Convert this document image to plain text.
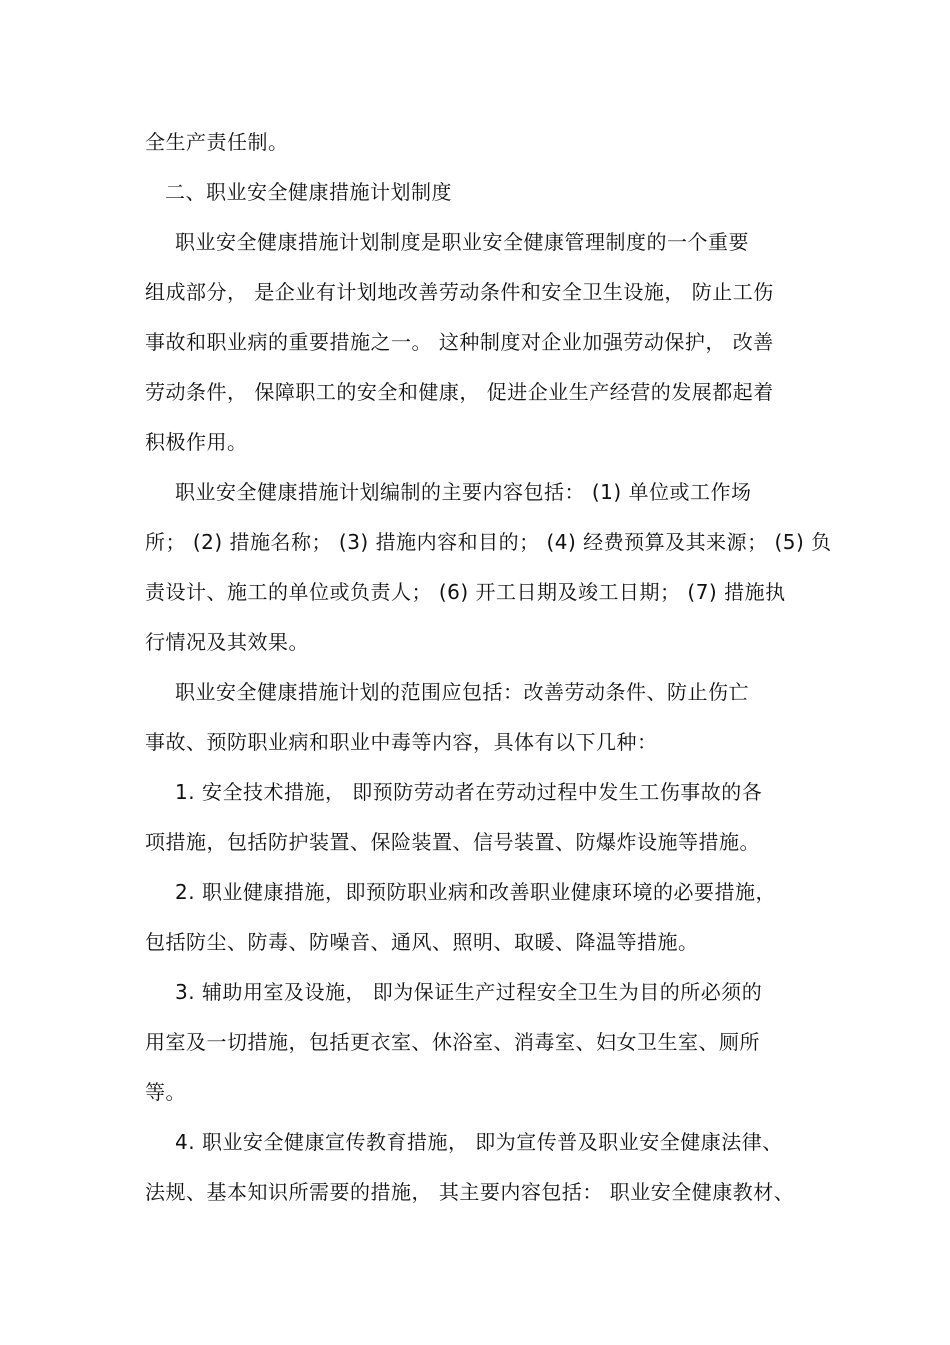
全生产责任制。
二、职业安全健康措施计划制度
职业安全健康措施计划制度是职业安全健康管理制度的一个重要
组成部分， 是企业有计划地改善劳动条件和安全卫生设施， 防止工伤
事故和职业病的重要措施之一。 这种制度对企业加强劳动保护， 改善
劳动条件， 保障职工的安全和健康， 促进企业生产经营的发展都起着
积极作用。
职业安全健康措施计划编制的主要内容包括： (1) 单位或工作场
所； (2) 措施名称； (3) 措施内容和目的； (4) 经费预算及其来源； (5) 负
责设计、施工的单位或负责人； (6) 开工日期及竣工日期； (7) 措施执
行情况及其效果。
职业安全健康措施计划的范围应包括：改善劳动条件、防止伤亡
事故、预防职业病和职业中毒等内容，具体有以下几种：
1. 安全技术措施， 即预防劳动者在劳动过程中发生工伤事故的各
项措施，包括防护装置、保险装置、信号装置、防爆炸设施等措施。
2. 职业健康措施，即预防职业病和改善职业健康环境的必要措施，
包括防尘、防毒、防噪音、通风、照明、取暖、降温等措施。
3. 辅助用室及设施， 即为保证生产过程安全卫生为目的所必须的
用室及一切措施，包括更衣室、休浴室、消毒室、妇女卫生室、厕所
等。
4. 职业安全健康宣传教育措施， 即为宣传普及职业安全健康法律、
法规、基本知识所需要的措施， 其主要内容包括： 职业安全健康教材、
